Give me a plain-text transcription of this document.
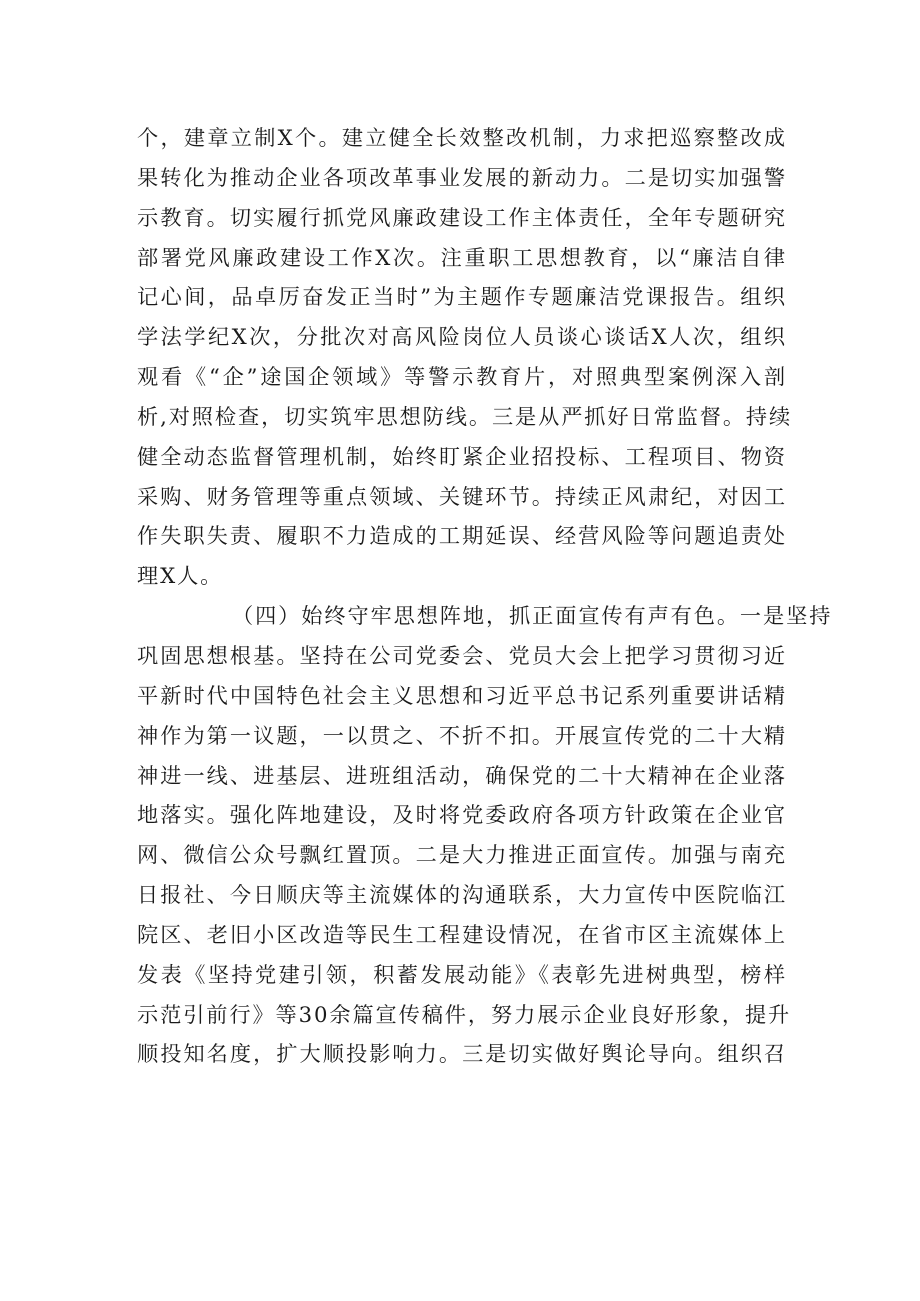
个，建章立制X个。建立健全长效整改机制，力求把巡察整改成
果转化为推动企业各项改革事业发展的新动力。二是切实加强警
示教育。切实履行抓党风廉政建设工作主体责任，全年专题研究
部署党风廉政建设工作X次。注重职工思想教育，以“廉洁自律
记心间，品卓厉奋发正当时”为主题作专题廉洁党课报告。组织
学法学纪X次，分批次对高风险岗位人员谈心谈话X人次，组织
观看《“企”途国企领域》等警示教育片，对照典型案例深入剖
析,对照检查，切实筑牢思想防线。三是从严抓好日常监督。持续
健全动态监督管理机制，始终盯紧企业招投标、工程项目、物资
采购、财务管理等重点领域、关键环节。持续正风肃纪，对因工
作失职失责、履职不力造成的工期延误、经营风险等问题追责处
理X人。
（四）始终守牢思想阵地，抓正面宣传有声有色。一是坚持
巩固思想根基。坚持在公司党委会、党员大会上把学习贯彻习近
平新时代中国特色社会主义思想和习近平总书记系列重要讲话精
神作为第一议题，一以贯之、不折不扣。开展宣传党的二十大精
神进一线、进基层、进班组活动，确保党的二十大精神在企业落
地落实。强化阵地建设，及时将党委政府各项方针政策在企业官
网、微信公众号飘红置顶。二是大力推进正面宣传。加强与南充
日报社、今日顺庆等主流媒体的沟通联系，大力宣传中医院临江
院区、老旧小区改造等民生工程建设情况，在省市区主流媒体上
发表《坚持党建引领，积蓄发展动能》《表彰先进树典型，榜样
示范引前行》等30余篇宣传稿件，努力展示企业良好形象，提升
顺投知名度，扩大顺投影响力。三是切实做好舆论导向。组织召
